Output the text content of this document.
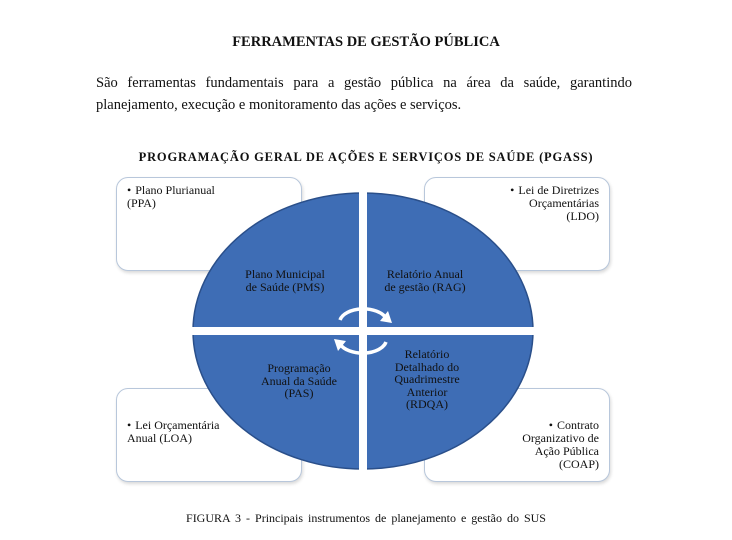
FERRAMENTAS DE GESTÃO PÚBLICA

São ferramentas fundamentais para a gestão pública na área da saúde, garantindo planejamento, execução e monitoramento das ações e serviços.

PROGRAMAÇÃO GERAL DE AÇÕES E SERVIÇOS DE SAÚDE (PGASS)
• Plano Plurianual
(PPA)
• Lei de Diretrizes
Orçamentárias
(LDO)
• Lei Orçamentária
Anual (LOA)
• Contrato
Organizativo de
Ação Pública
(COAP)
Plano Municipal
de Saúde (PMS)
Relatório Anual
de gestão (RAG)
Programação
Anual da Saúde
(PAS)
Relatório
Detalhado do
Quadrimestre
Anterior
(RDQA)
FIGURA 3 - Principais instrumentos de planejamento e gestão do SUS
